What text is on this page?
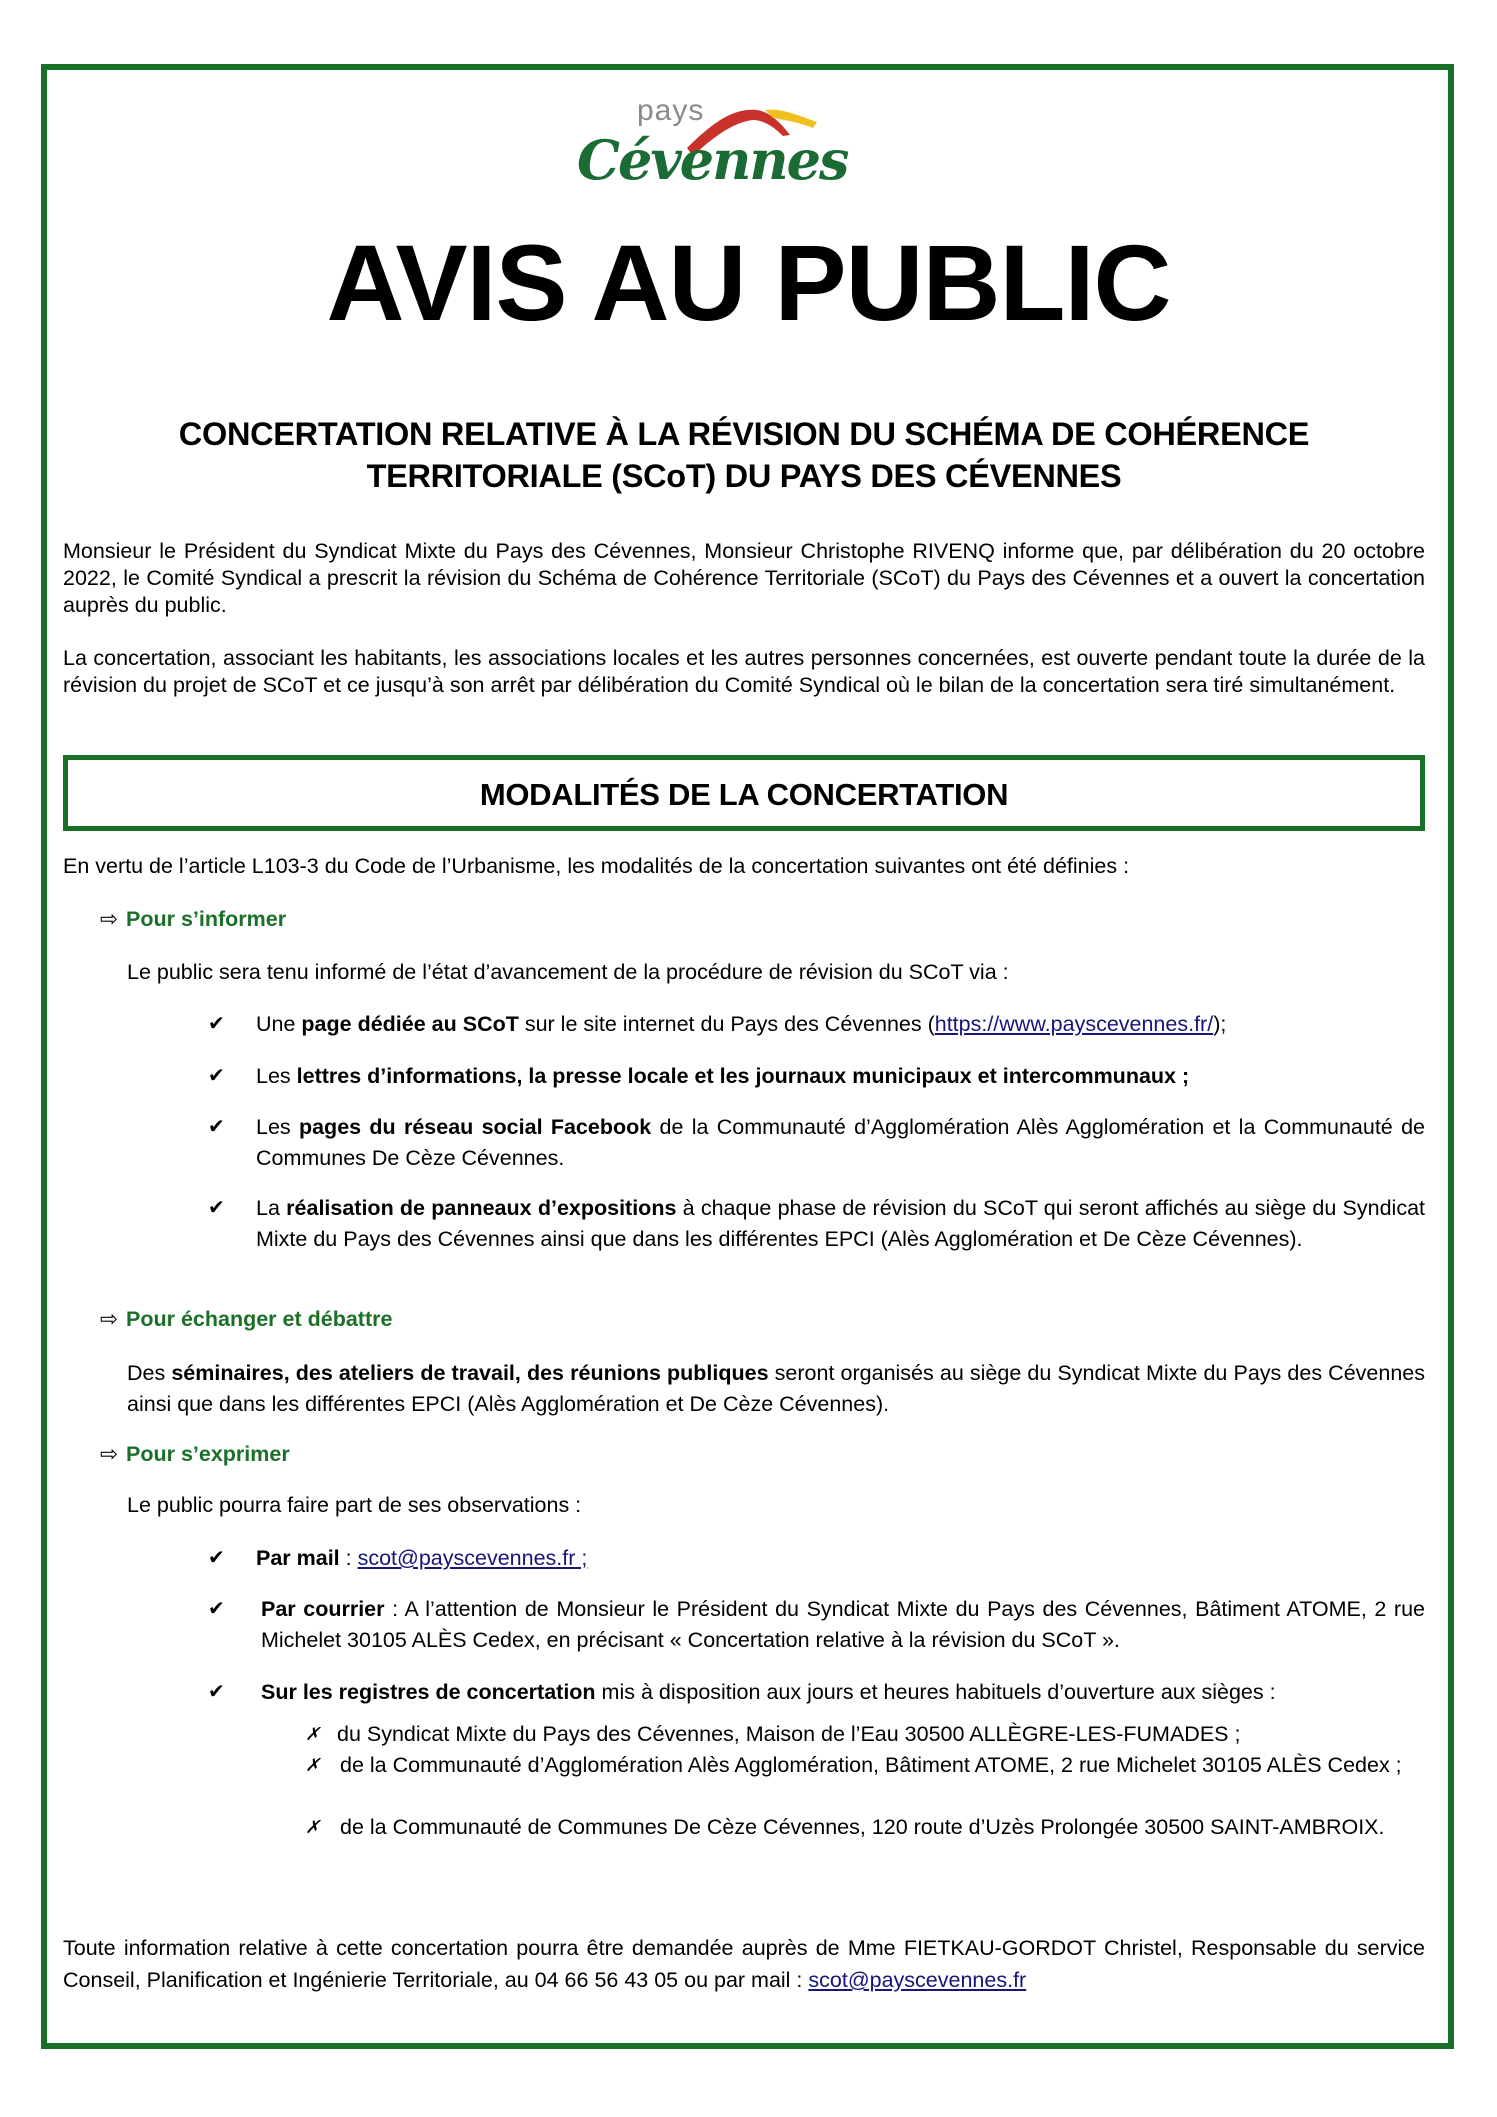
pays
Cévennes
AVIS AU PUBLIC
CONCERTATION RELATIVE À LA RÉVISION DU SCHÉMA DE COHÉRENCE
TERRITORIALE (SCoT) DU PAYS DES CÉVENNES
Monsieur le Président du Syndicat Mixte du Pays des Cévennes, Monsieur Christophe RIVENQ informe que, par délibération du 20 octobre 2022, le Comité Syndical a prescrit la révision du Schéma de Cohérence Territoriale (SCoT) du Pays des Cévennes et a ouvert la concertation auprès du public.
La concertation, associant les habitants, les associations locales et les autres personnes concernées, est ouverte pendant toute la durée de la révision du projet de SCoT et ce jusqu’à son arrêt par délibération du Comité Syndical où le bilan de la concertation sera tiré simultanément.
MODALITÉS DE LA CONCERTATION
En vertu de l’article L103-3 du Code de l’Urbanisme, les modalités de la concertation suivantes ont été définies :
⇨ Pour s’informer
Le public sera tenu informé de l’état d’avancement de la procédure de révision du SCoT via :
✔	Une page dédiée au SCoT sur le site internet du Pays des Cévennes (https://www.payscevennes.fr/);
✔	Les lettres d’informations, la presse locale et les journaux municipaux et intercommunaux ;
✔	Les pages du réseau social Facebook de la Communauté d’Agglomération Alès Agglomération et la Communauté de Communes De Cèze Cévennes.
✔	La réalisation de panneaux d’expositions à chaque phase de révision du SCoT qui seront affichés au siège du Syndicat Mixte du Pays des Cévennes ainsi que dans les différentes EPCI (Alès Agglomération et De Cèze Cévennes).
⇨ Pour échanger et débattre
Des séminaires, des ateliers de travail, des réunions publiques seront organisés au siège du Syndicat Mixte du Pays des Cévennes ainsi que dans les différentes EPCI (Alès Agglomération et De Cèze Cévennes).
⇨ Pour s’exprimer
Le public pourra faire part de ses observations :
✔	Par mail : scot@payscevennes.fr ;
✔	Par courrier : A l’attention de Monsieur le Président du Syndicat Mixte du Pays des Cévennes, Bâtiment ATOME, 2 rue Michelet 30105 ALÈS Cedex, en précisant « Concertation relative à la révision du SCoT ».
✔	Sur les registres de concertation mis à disposition aux jours et heures habituels d’ouverture aux sièges :
✗ du Syndicat Mixte du Pays des Cévennes, Maison de l’Eau 30500 ALLÈGRE-LES-FUMADES ;
✗ de la Communauté d’Agglomération Alès Agglomération, Bâtiment ATOME, 2 rue Michelet 30105 ALÈS Cedex ;
✗ de la Communauté de Communes De Cèze Cévennes, 120 route d’Uzès Prolongée 30500 SAINT-AMBROIX.
Toute information relative à cette concertation pourra être demandée auprès de Mme FIETKAU-GORDOT Christel, Responsable du service Conseil, Planification et Ingénierie Territoriale, au 04 66 56 43 05 ou par mail : scot@payscevennes.fr
